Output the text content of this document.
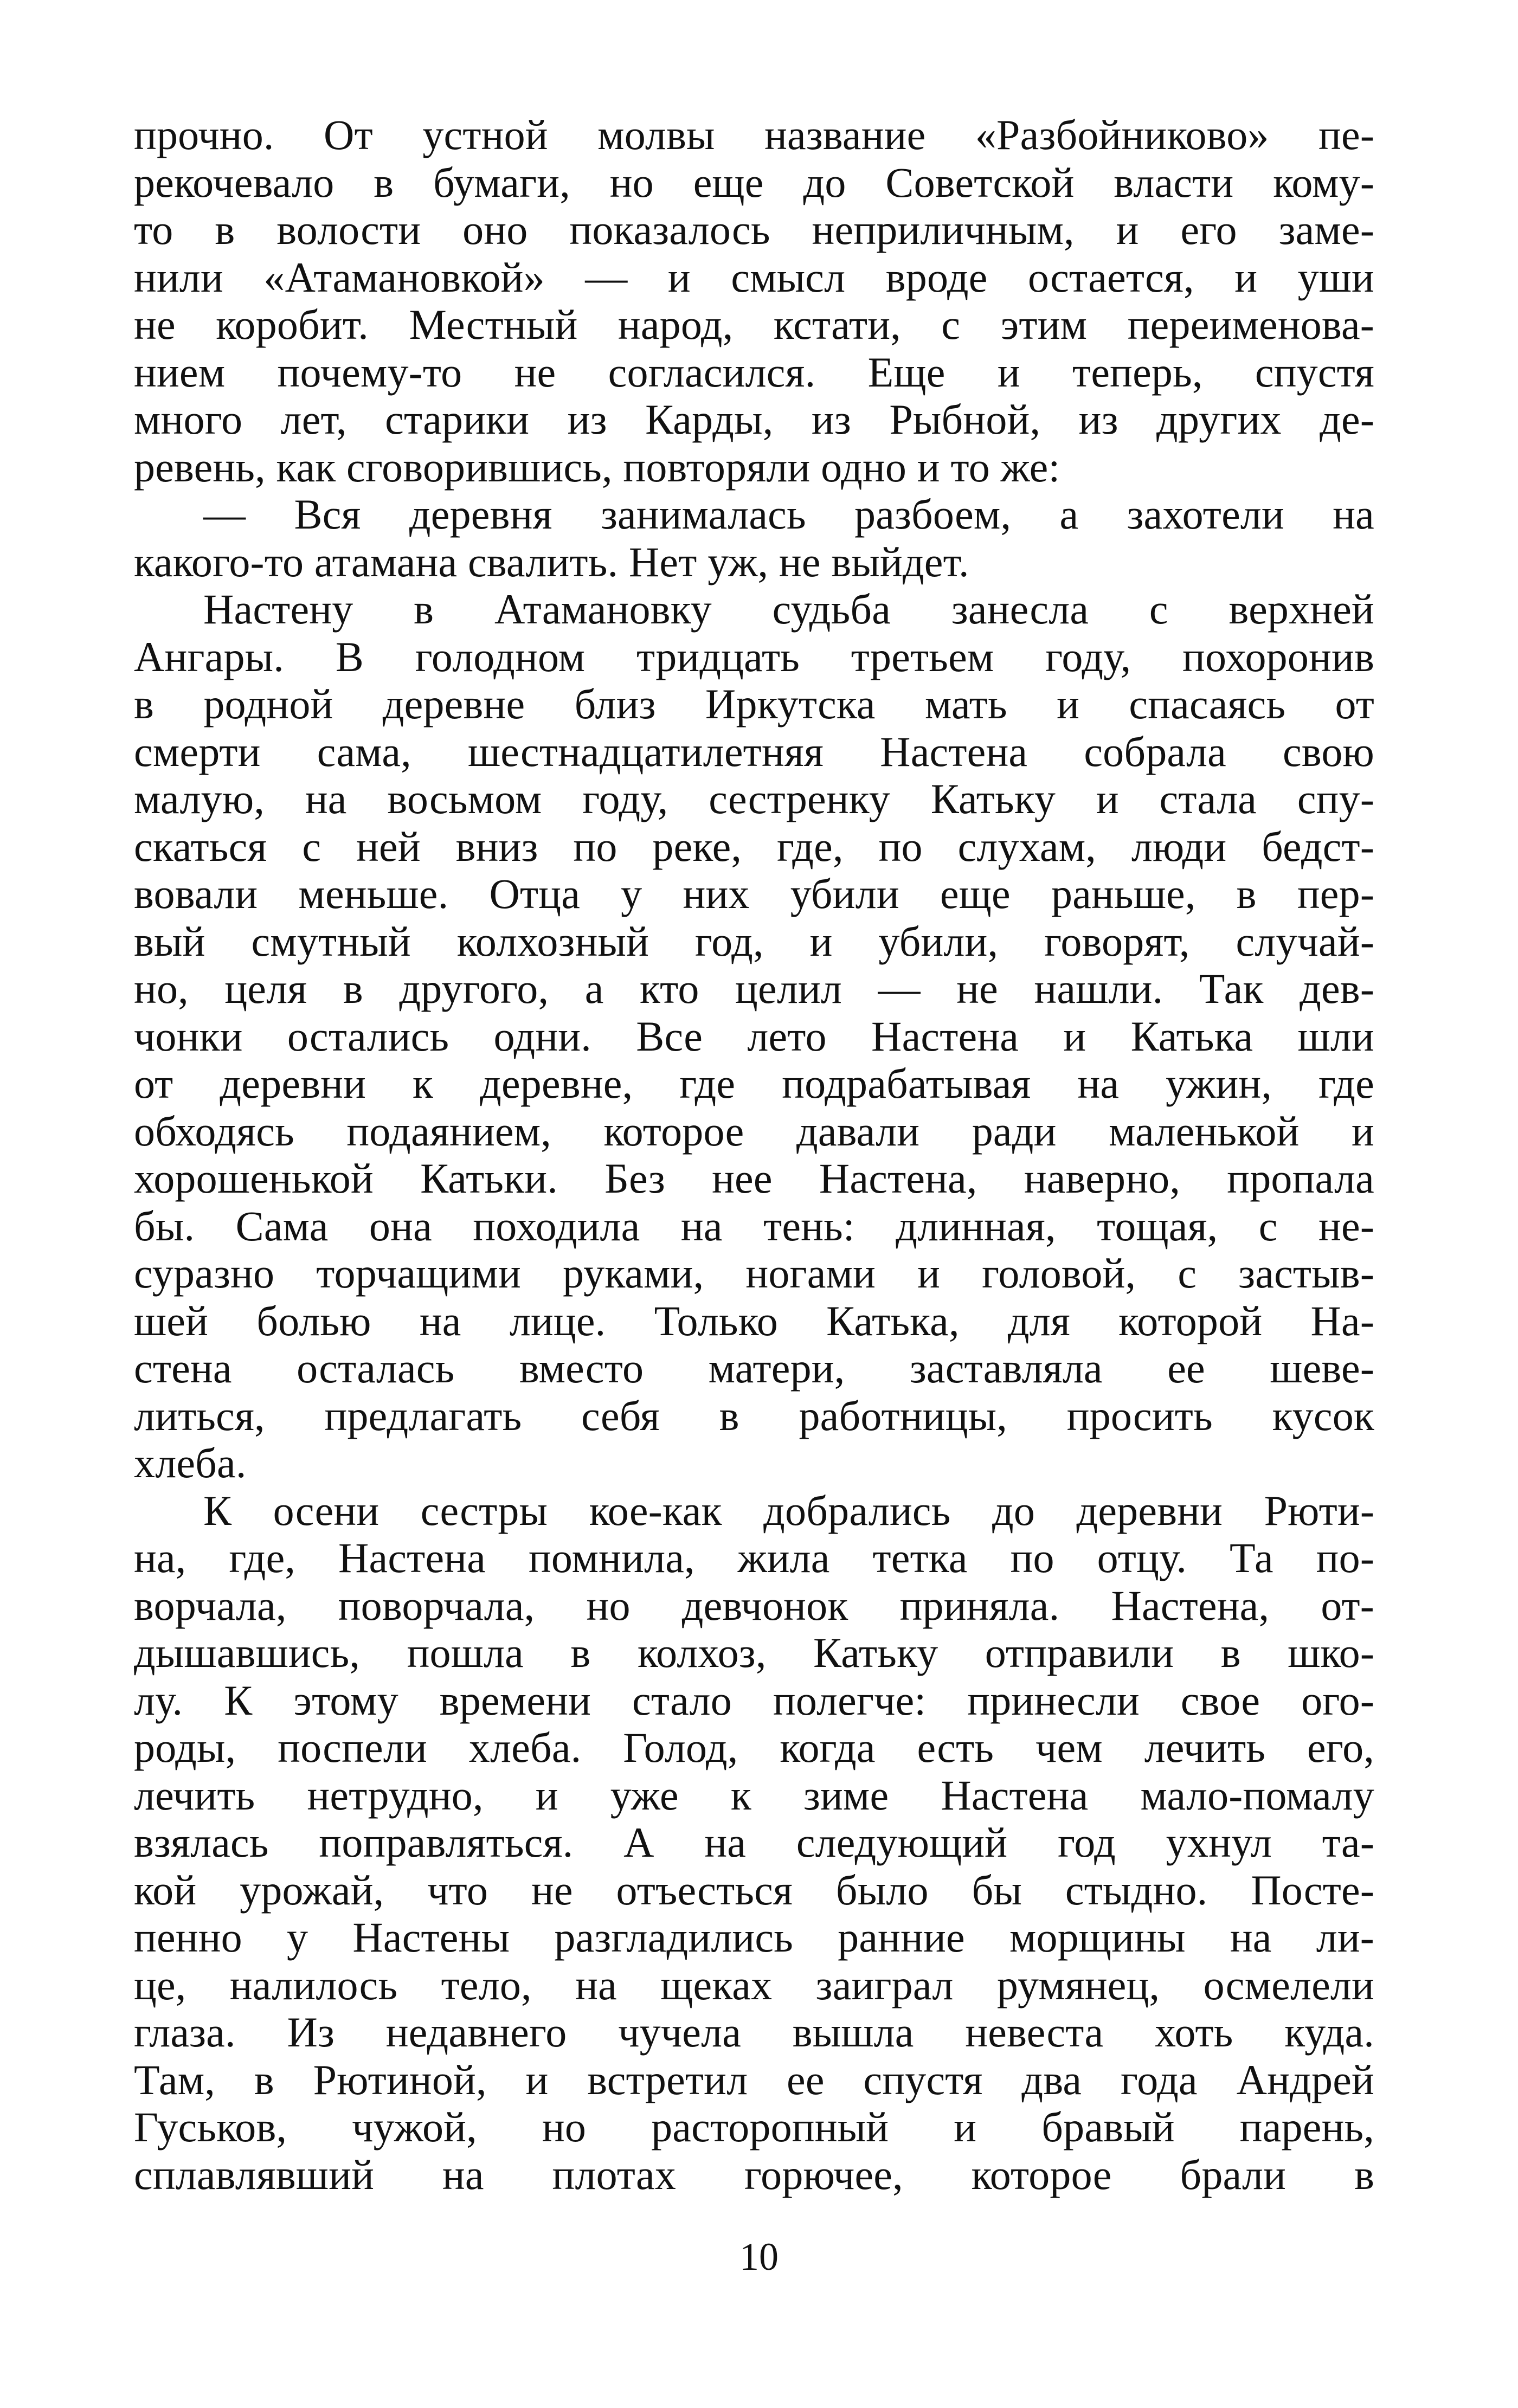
прочно. От устной молвы название «Разбойниково» пе-
рекочевало в бумаги, но еще до Советской власти кому-
то в волости оно показалось неприличным, и его заме-
нили «Атамановкой» — и смысл вроде остается, и уши
не коробит. Местный народ, кстати, с этим переименова-
нием почему-то не согласился. Еще и теперь, спустя
много лет, старики из Карды, из Рыбной, из других де-
ревень, как сговорившись, повторяли одно и то же:
— Вся деревня занималась разбоем, а захотели на
какого-то атамана свалить. Нет уж, не выйдет.
Настену в Атамановку судьба занесла с верхней
Ангары. В голодном тридцать третьем году, похоронив
в родной деревне близ Иркутска мать и спасаясь от
смерти сама, шестнадцатилетняя Настена собрала свою
малую, на восьмом году, сестренку Катьку и стала спу-
скаться с ней вниз по реке, где, по слухам, люди бедст-
вовали меньше. Отца у них убили еще раньше, в пер-
вый смутный колхозный год, и убили, говорят, случай-
но, целя в другого, а кто целил — не нашли. Так дев-
чонки остались одни. Все лето Настена и Катька шли
от деревни к деревне, где подрабатывая на ужин, где
обходясь подаянием, которое давали ради маленькой и
хорошенькой Катьки. Без нее Настена, наверно, пропала
бы. Сама она походила на тень: длинная, тощая, с не-
суразно торчащими руками, ногами и головой, с застыв-
шей болью на лице. Только Катька, для которой На-
стена осталась вместо матери, заставляла ее шеве-
литься, предлагать себя в работницы, просить кусок
хлеба.
К осени сестры кое-как добрались до деревни Рюти-
на, где, Настена помнила, жила тетка по отцу. Та по-
ворчала, поворчала, но девчонок приняла. Настена, от-
дышавшись, пошла в колхоз, Катьку отправили в шко-
лу. К этому времени стало полегче: принесли свое ого-
роды, поспели хлеба. Голод, когда есть чем лечить его,
лечить нетрудно, и уже к зиме Настена мало-помалу
взялась поправляться. А на следующий год ухнул та-
кой урожай, что не отъесться было бы стыдно. Посте-
пенно у Настены разгладились ранние морщины на ли-
це, налилось тело, на щеках заиграл румянец, осмелели
глаза. Из недавнего чучела вышла невеста хоть куда.
Там, в Рютиной, и встретил ее спустя два года Андрей
Гуськов, чужой, но расторопный и бравый парень,
сплавлявший на плотах горючее, которое брали в
10
